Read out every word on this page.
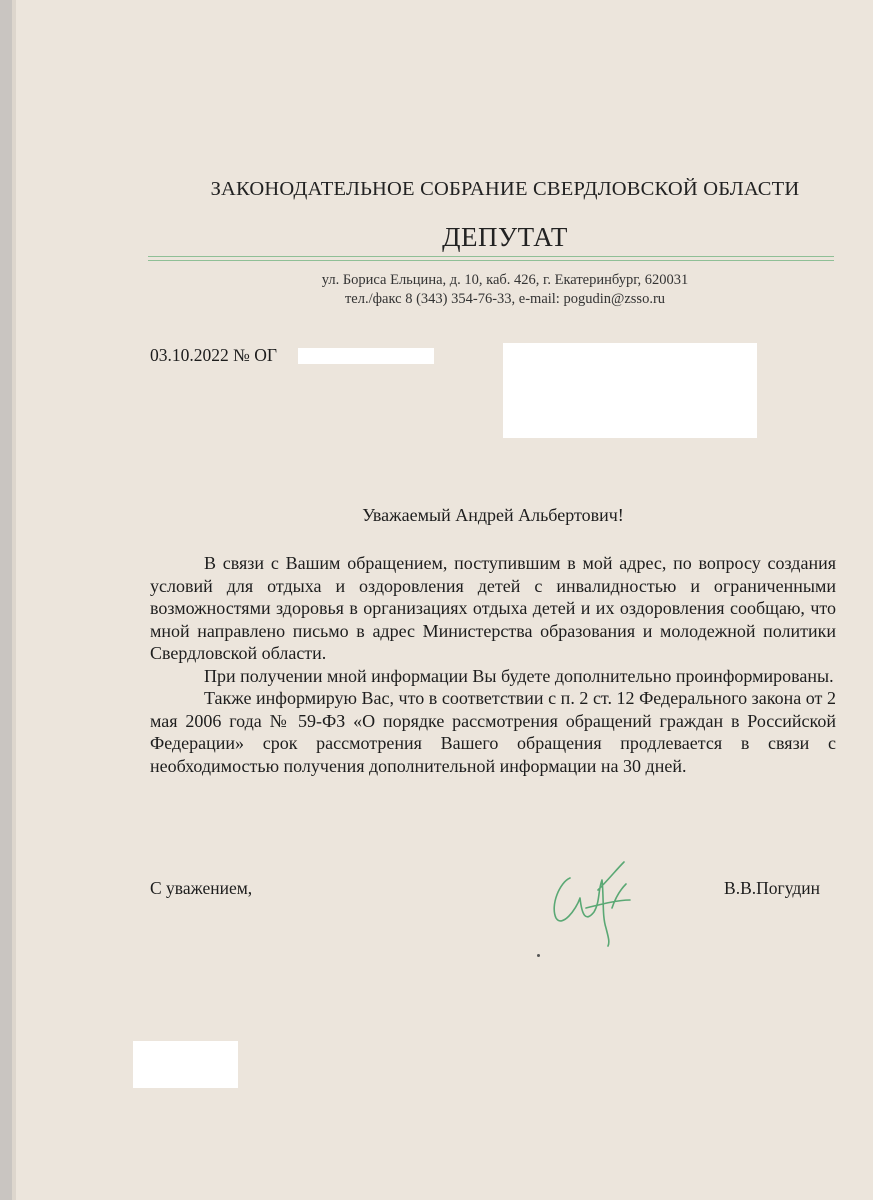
ЗАКОНОДАТЕЛЬНОЕ СОБРАНИЕ СВЕРДЛОВСКОЙ ОБЛАСТИ
ДЕПУТАТ
ул. Бориса Ельцина, д. 10, каб. 426, г. Екатеринбург, 620031
тел./факс 8 (343) 354-76-33, e-mail: pogudin@zsso.ru
03.10.2022 № ОГ
Уважаемый Андрей Альбертович!

В связи с Вашим обращением, поступившим в мой адрес, по вопросу создания условий для отдыха и оздоровления детей с инвалидностью и ограниченными возможностями здоровья в организациях отдыха детей и их оздоровления сообщаю, что мной направлено письмо в адрес Министерства образования и молодежной политики Свердловской области.

При получении мной информации Вы будете дополнительно проинформированы.

Также информирую Вас, что в соответствии с п. 2 ст. 12 Федерального закона от 2 мая 2006 года № 59-ФЗ «О порядке рассмотрения обращений граждан в Российской Федерации» срок рассмотрения Вашего обращения продлевается в связи с необходимостью получения дополнительной информации на 30 дней.

С уважением,	В.В.Погудин
